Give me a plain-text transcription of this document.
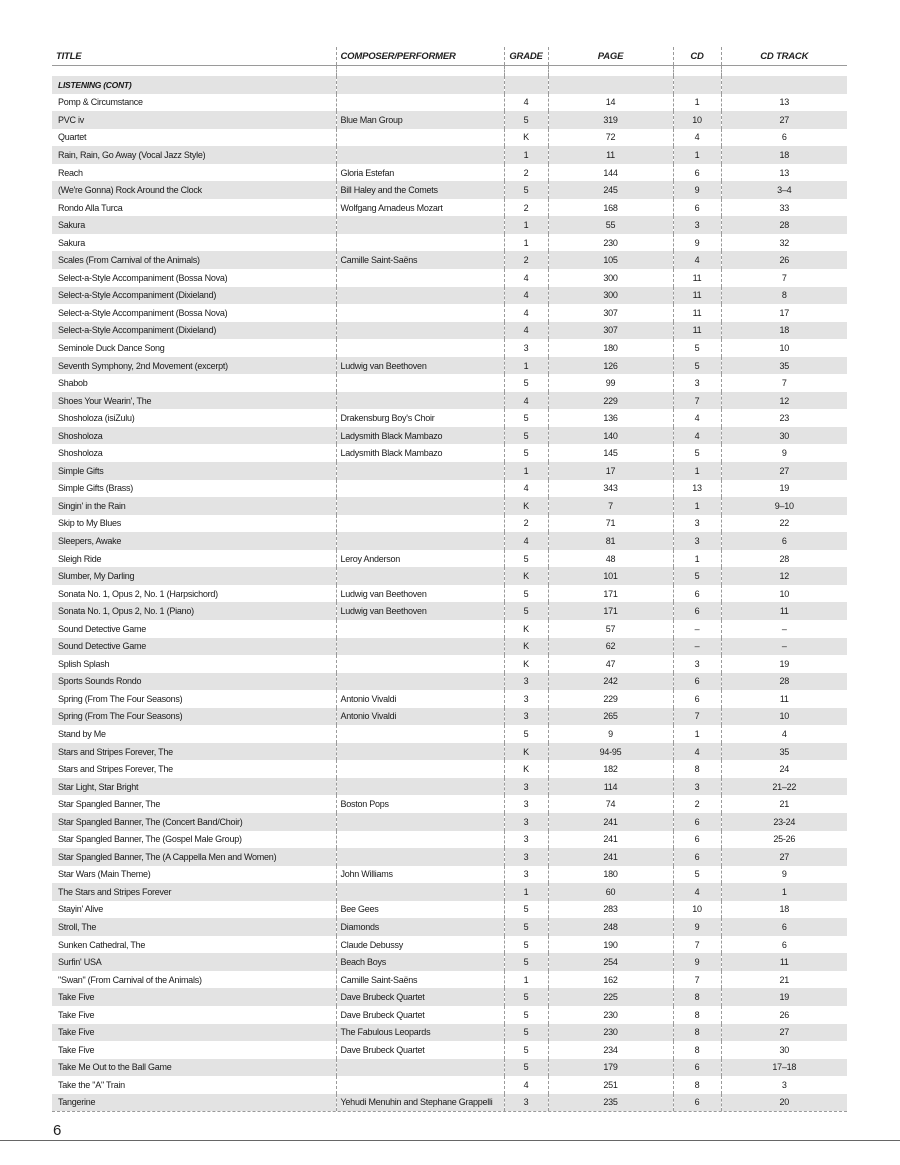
TITLE	COMPOSER/PERFORMER	GRADE	PAGE	CD	CD TRACK

LISTENING (CONT)					
Pomp & Circumstance		4	14	1	13
PVC iv	Blue Man Group	5	319	10	27
Quartet		K	72	4	6
Rain, Rain, Go Away (Vocal Jazz Style)		1	11	1	18
Reach	Gloria Estefan	2	144	6	13
(We're Gonna) Rock Around the Clock	Bill Haley and the Comets	5	245	9	3–4
Rondo Alla Turca	Wolfgang Amadeus Mozart	2	168	6	33
Sakura		1	55	3	28
Sakura		1	230	9	32
Scales (From Carnival of the Animals)	Camille Saint-Saëns	2	105	4	26
Select-a-Style Accompaniment (Bossa Nova)		4	300	11	7
Select-a-Style Accompaniment (Dixieland)		4	300	11	8
Select-a-Style Accompaniment (Bossa Nova)		4	307	11	17
Select-a-Style Accompaniment (Dixieland)		4	307	11	18
Seminole Duck Dance Song		3	180	5	10
Seventh Symphony, 2nd Movement (excerpt)	Ludwig van Beethoven	1	126	5	35
Shabob		5	99	3	7
Shoes Your Wearin', The		4	229	7	12
Shosholoza (isiZulu)	Drakensburg Boy's Choir	5	136	4	23
Shosholoza	Ladysmith Black Mambazo	5	140	4	30
Shosholoza	Ladysmith Black Mambazo	5	145	5	9
Simple Gifts		1	17	1	27
Simple Gifts (Brass)		4	343	13	19
Singin' in the Rain		K	7	1	9–10
Skip to My Blues		2	71	3	22
Sleepers, Awake		4	81	3	6
Sleigh Ride	Leroy Anderson	5	48	1	28
Slumber, My Darling		K	101	5	12
Sonata No. 1, Opus 2, No. 1 (Harpsichord)	Ludwig van Beethoven	5	171	6	10
Sonata No. 1, Opus 2, No. 1 (Piano)	Ludwig van Beethoven	5	171	6	11
Sound Detective Game		K	57	–	–
Sound Detective Game		K	62	–	–
Splish Splash		K	47	3	19
Sports Sounds Rondo		3	242	6	28
Spring (From The Four Seasons)	Antonio Vivaldi	3	229	6	11
Spring (From The Four Seasons)	Antonio Vivaldi	3	265	7	10
Stand by Me		5	9	1	4
Stars and Stripes Forever, The		K	94-95	4	35
Stars and Stripes Forever, The		K	182	8	24
Star Light, Star Bright		3	114	3	21–22
Star Spangled Banner, The	Boston Pops	3	74	2	21
Star Spangled Banner, The (Concert Band/Choir)		3	241	6	23-24
Star Spangled Banner, The (Gospel Male Group)		3	241	6	25-26
Star Spangled Banner, The (A Cappella Men and Women)		3	241	6	27
Star Wars (Main Theme)	John Williams	3	180	5	9
The Stars and Stripes Forever		1	60	4	1
Stayin' Alive	Bee Gees	5	283	10	18
Stroll, The	Diamonds	5	248	9	6
Sunken Cathedral, The	Claude Debussy	5	190	7	6
Surfin' USA	Beach Boys	5	254	9	11
"Swan" (From Carnival of the Animals)	Camille Saint-Saëns	1	162	7	21
Take Five	Dave Brubeck Quartet	5	225	8	19
Take Five	Dave Brubeck Quartet	5	230	8	26
Take Five	The Fabulous Leopards	5	230	8	27
Take Five	Dave Brubeck Quartet	5	234	8	30
Take Me Out to the Ball Game		5	179	6	17–18
Take the "A" Train		4	251	8	3
Tangerine	Yehudi Menuhin and Stephane Grappelli	3	235	6	20
6
